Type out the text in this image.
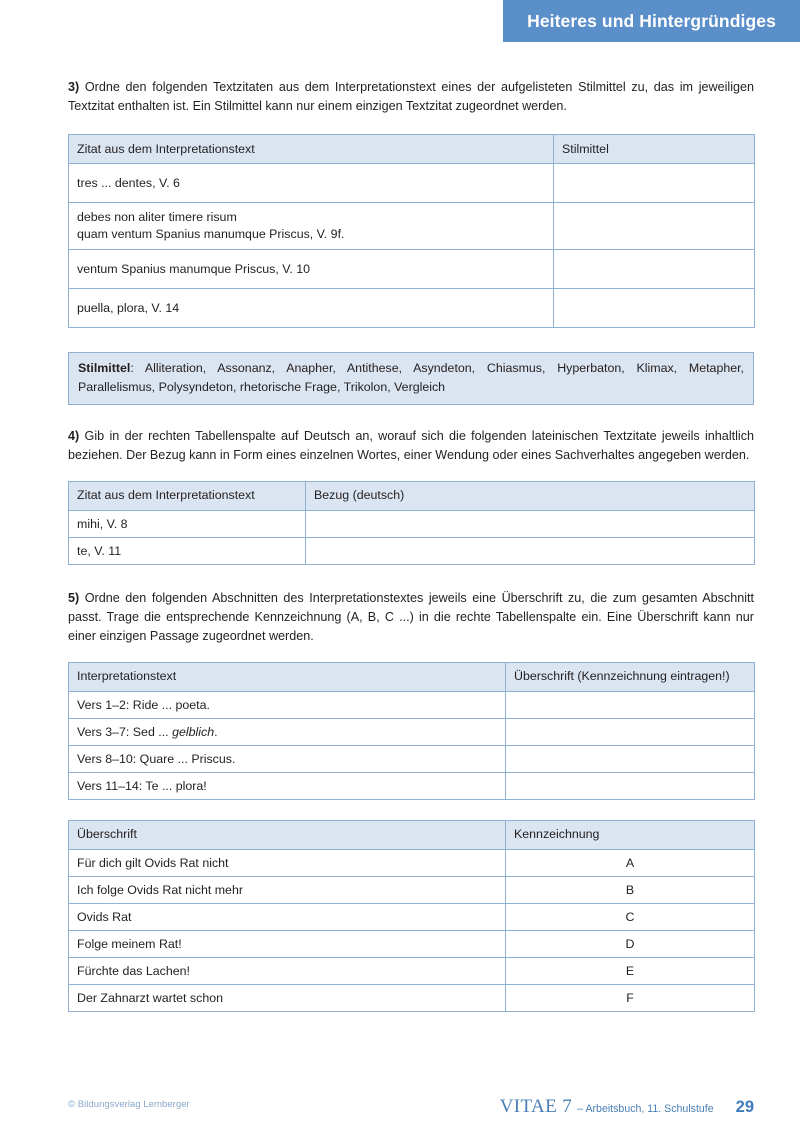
Heiteres und Hintergründiges

3) Ordne den folgenden Textzitaten aus dem Interpretationstext eines der aufgelisteten Stilmittel zu, das im jeweiligen Textzitat enthalten ist. Ein Stilmittel kann nur einem einzigen Textzitat zugeordnet werden.

Zitat aus dem Interpretationstext	Stilmittel
tres ... dentes, V. 6	

debes non aliter timere risum
quam ventum Spanius manumque Priscus, V. 9f.	

ventum Spanius manumque Priscus, V. 10	
puella, plora, V. 14	
Stilmittel: Alliteration, Assonanz, Anapher, Antithese, Asyndeton, Chiasmus, Hyperbaton, Klimax, Metapher, Parallelismus, Polysyndeton, rhetorische Frage, Trikolon, Vergleich

4) Gib in der rechten Tabellenspalte auf Deutsch an, worauf sich die folgenden lateinischen Textzitate jeweils inhaltlich beziehen. Der Bezug kann in Form eines einzelnen Wortes, einer Wendung oder eines Sachverhaltes angegeben werden.

Zitat aus dem Interpretationstext	Bezug (deutsch)
mihi, V. 8	
te, V. 11	

5) Ordne den folgenden Abschnitten des Interpretationstextes jeweils eine Überschrift zu, die zum gesamten Abschnitt passt. Trage die entsprechende Kennzeichnung (A, B, C ...) in die rechte Tabellenspalte ein. Eine Überschrift kann nur einer einzigen Passage zugeordnet werden.

Interpretationstext	Überschrift (Kennzeichnung eintragen!)
Vers 1–2: Ride ... poeta.	
Vers 3–7: Sed ... gelblich.	
Vers 8–10: Quare ... Priscus.	
Vers 11–14: Te ... plora!	
Überschrift	Kennzeichnung
Für dich gilt Ovids Rat nicht	A
Ich folge Ovids Rat nicht mehr	B
Ovids Rat	C
Folge meinem Rat!	D
Fürchte das Lachen!	E
Der Zahnarzt wartet schon	F
© Bildungsverlag Lemberger	VITAE 7 – Arbeitsbuch, 11. Schulstufe 29
